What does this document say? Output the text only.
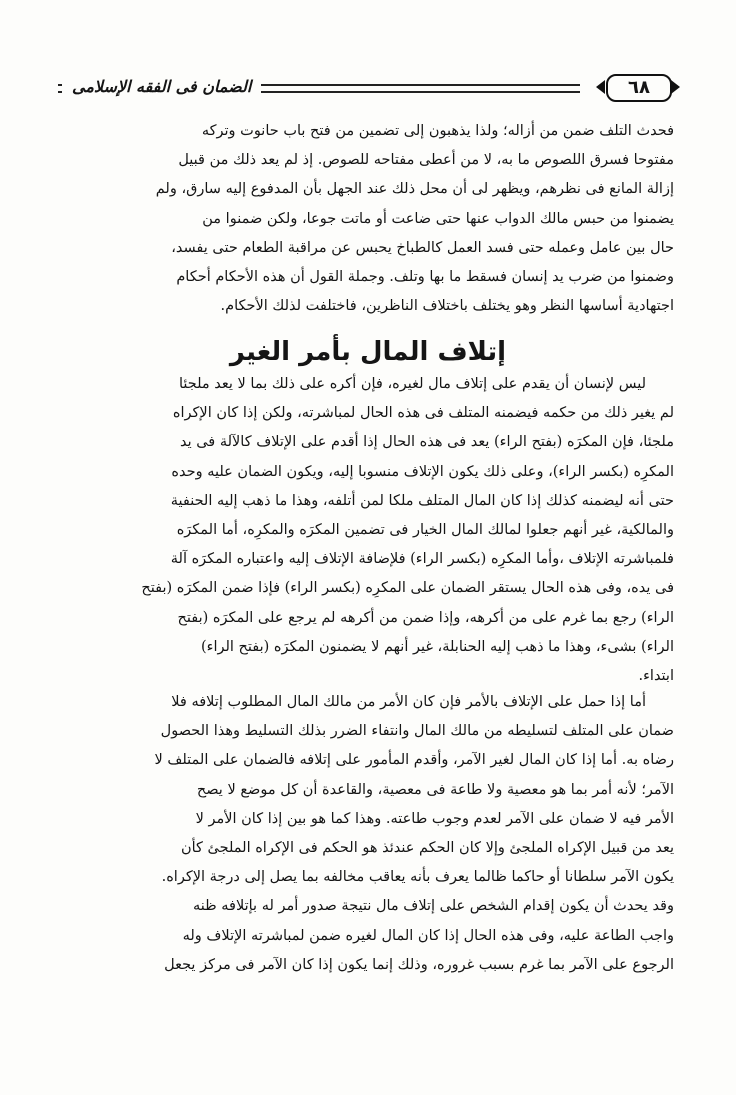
الضمان فى الفقه الإسلامى	٦٨
فحدث التلف ضمن من أزاله؛ ولذا يذهبون إلى تضمين من فتح باب حانوت وتركه
مفتوحا فسرق اللصوص ما به، لا من أعطى مفتاحه للصوص. إذ لم يعد ذلك من قبيل
إزالة المانع فى نظرهم، ويظهر لى أن محل ذلك عند الجهل بأن المدفوع إليه سارق، ولم
يضمنوا من حبس مالك الدواب عنها حتى ضاعت أو ماتت جوعا، ولكن ضمنوا من
حال بين عامل وعمله حتى فسد العمل كالطباخ يحبس عن مراقبة الطعام حتى يفسد،
وضمنوا من ضرب يد إنسان فسقط ما بها وتلف. وجملة القول أن هذه الأحكام أحكام
اجتهادية أساسها النظر وهو يختلف باختلاف الناظرين، فاختلفت لذلك الأحكام.
إتلاف المال بأمر الغير
ليس لإنسان أن يقدم على إتلاف مال لغيره، فإن أكره على ذلك بما لا يعد ملجئا
لم يغير ذلك من حكمه فيضمنه المتلف فى هذه الحال لمباشرته، ولكن إذا كان الإكراه
ملجئا، فإن المكرَه (بفتح الراء) يعد فى هذه الحال إذا أقدم على الإتلاف كالآلة فى يد
المكرِه (بكسر الراء)، وعلى ذلك يكون الإتلاف منسوبا إليه، ويكون الضمان عليه وحده
حتى أنه ليضمنه كذلك إذا كان المال المتلف ملكا لمن أتلفه، وهذا ما ذهب إليه الحنفية
والمالكية، غير أنهم جعلوا لمالك المال الخيار فى تضمين المكرَه والمكرِه، أما المكرَه
فلمباشرته الإتلاف ،وأما المكرِه (بكسر الراء) فلإضافة الإتلاف إليه واعتباره المكرَه آلة
فى يده، وفى هذه الحال يستقر الضمان على المكرِه (بكسر الراء) فإذا ضمن المكرَه (بفتح
الراء) رجع بما غرم على من أكرهه، وإذا ضمن من أكرهه لم يرجع على المكرَه (بفتح
الراء) بشىء، وهذا ما ذهب إليه الحنابلة، غير أنهم لا يضمنون المكرَه (بفتح الراء)
ابتداء.
أما إذا حمل على الإتلاف بالأمر فإن كان الأمر من مالك المال المطلوب إتلافه فلا
ضمان على المتلف لتسليطه من مالك المال وانتفاء الضرر بذلك التسليط وهذا الحصول
رضاه به. أما إذا كان المال لغير الآمر، وأقدم المأمور على إتلافه فالضمان على المتلف لا
الآمر؛ لأنه أمر بما هو معصية ولا طاعة فى معصية، والقاعدة أن كل موضع لا يصح
الأمر فيه لا ضمان على الآمر لعدم وجوب طاعته. وهذا كما هو بين إذا كان الأمر لا
يعد من قبيل الإكراه الملجئ وإلا كان الحكم عندئذ هو الحكم فى الإكراه الملجئ كأن
يكون الآمر سلطانا أو حاكما ظالما يعرف بأنه يعاقب مخالفه بما يصل إلى درجة الإكراه.
وقد يحدث أن يكون إقدام الشخص على إتلاف مال نتيجة صدور أمر له بإتلافه ظنه
واجب الطاعة عليه، وفى هذه الحال إذا كان المال لغيره ضمن لمباشرته الإتلاف وله
الرجوع على الآمر بما غرم بسبب غروره، وذلك إنما يكون إذا كان الآمر فى مركز يجعل
